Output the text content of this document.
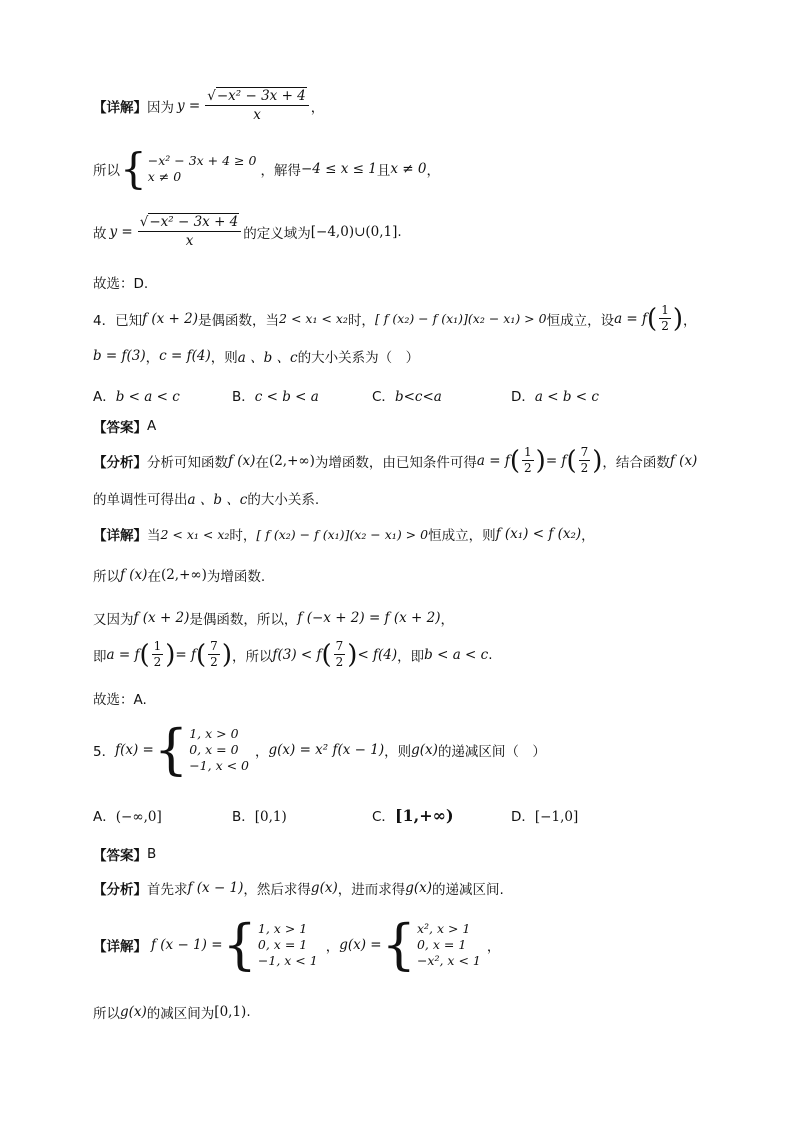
【详解】 因为 $y = \frac{\text{√−x² − 3x + 4}}{x}$ ，
所以 { −x² − 3x + 4 ≥ 0
x ≠ 0	，解得 −4 ≤ x ≤ 1 且 x ≠ 0 ，
故 $y = \frac{\text{√−x² − 3x + 4}}{x}$ 的定义域为 [−4,0)∪(0,1] .
故选：D.
4．已知 f (x + 2) 是偶函数，当 2 < x₁ < x₂ 时， [ f (x₂) − f (x₁)](x₂ − x₁) > 0 恒成立，设 a = f ( $\frac{1}{2}$ ) ，
b = f(3) ， c = f(4) ，则 a 、b 、c 的大小关系为（　）
A．b < a < c	B．c < b < a	C．b<c<a	D．a < b < c
【答案】 A
【分析】 分析可知函数 f (x) 在 (2,+∞) 为增函数，由已知条件可得 a = f ( $\frac{1}{2}$ ) = f ( $\frac{7}{2}$ ) ，结合函数 f (x)
的单调性可得出 a 、b 、c 的大小关系.
【详解】 当 2 < x₁ < x₂ 时， [ f (x₂) − f (x₁)](x₂ − x₁) > 0 恒成立，则 f (x₁) < f (x₂) ，
所以 f (x) 在 (2,+∞) 为增函数.
又因为 f (x + 2) 是偶函数，所以， f (−x + 2) = f (x + 2) ，
即 a = f ( $\frac{1}{2}$ ) = f ( $\frac{7}{2}$ ) ，所以 f(3) < f ( $\frac{7}{2}$ ) < f(4) ，即 b < a < c .
故选：A.
5． f(x) = { 1, x > 0
0, x = 0
−1, x < 0
， g(x) = x² f(x − 1) ，则 g(x) 的递减区间（　）
A．(−∞,0]	B．[0,1)	C．[1,+∞)	D．[−1,0]
【答案】 B
【分析】 首先求 f (x − 1) ，然后求得 g(x) ，进而求得 g(x) 的递减区间.
【详解】 f (x − 1) = { 1, x > 1
0, x = 1
−1, x < 1
， g(x) = { x², x > 1
0, x = 1
−x², x < 1
，
所以 g(x) 的减区间为 [0,1) .
